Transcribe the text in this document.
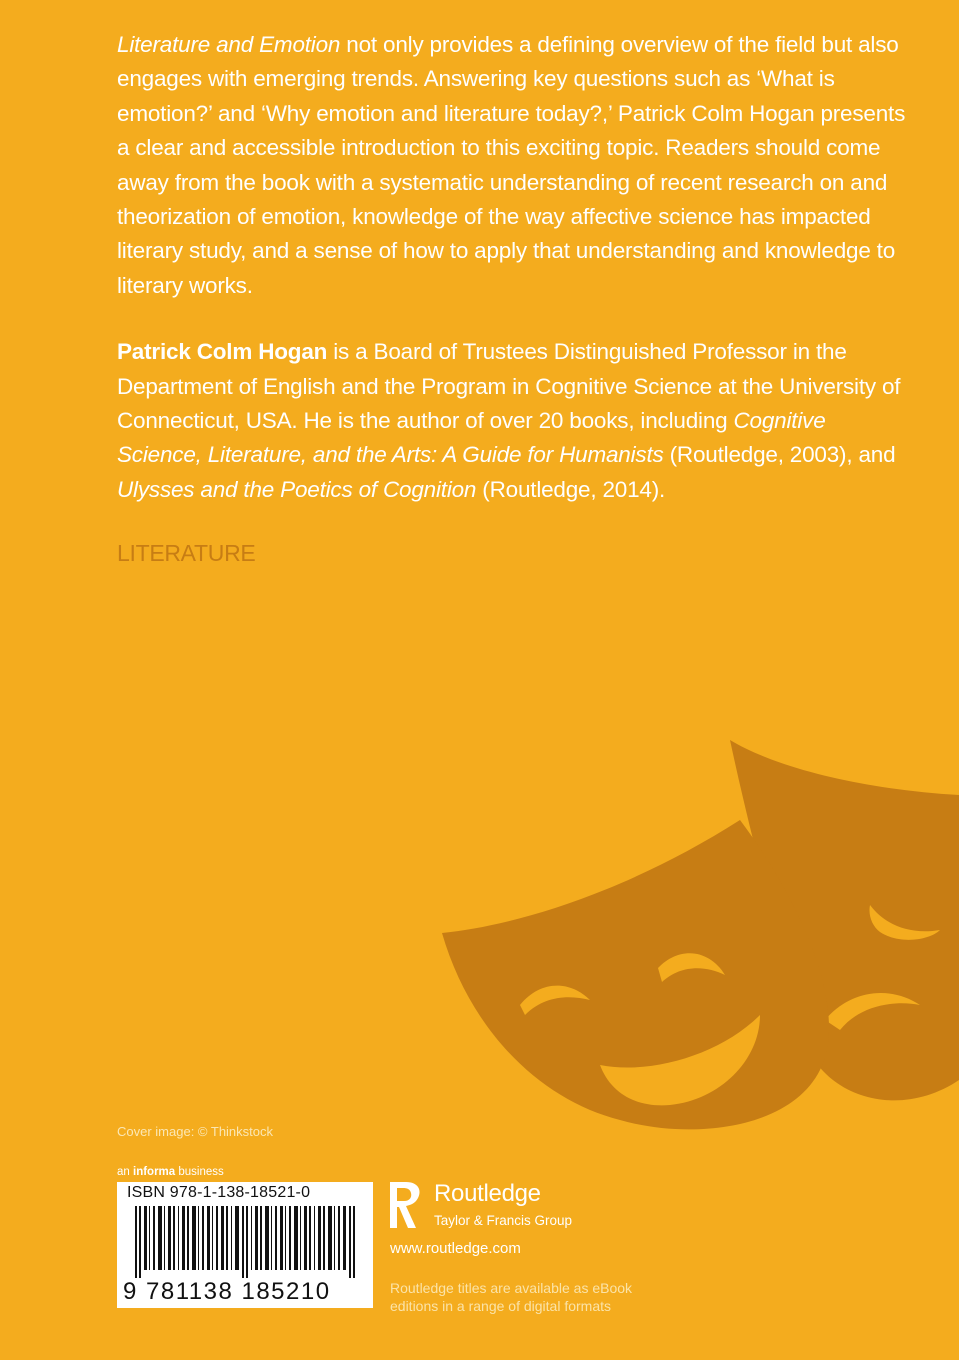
Literature and Emotion not only provides a defining overview of the field but also engages with emerging trends. Answering key questions such as ‘What is emotion?’ and ‘Why emotion and literature today?,’ Patrick Colm Hogan presents a clear and accessible introduction to this exciting topic. Readers should come away from the book with a systematic understanding of recent research on and theorization of emotion, knowledge of the way affective science has impacted literary study, and a sense of how to apply that understanding and knowledge to literary works.

Patrick Colm Hogan is a Board of Trustees Distinguished Professor in the Department of English and the Program in Cognitive Science at the University of Connecticut, USA. He is the author of over 20 books, including Cognitive Science, Literature, and the Arts: A Guide for Humanists (Routledge, 2003), and Ulysses and the Poetics of Cognition (Routledge, 2014).

LITERATURE
Cover image: © Thinkstock
an informa business
ISBN 978-1-138-18521-0
9 781138 185210
Routledge
Taylor & Francis Group
www.routledge.com
Routledge titles are available as eBook editions in a range of digital formats
